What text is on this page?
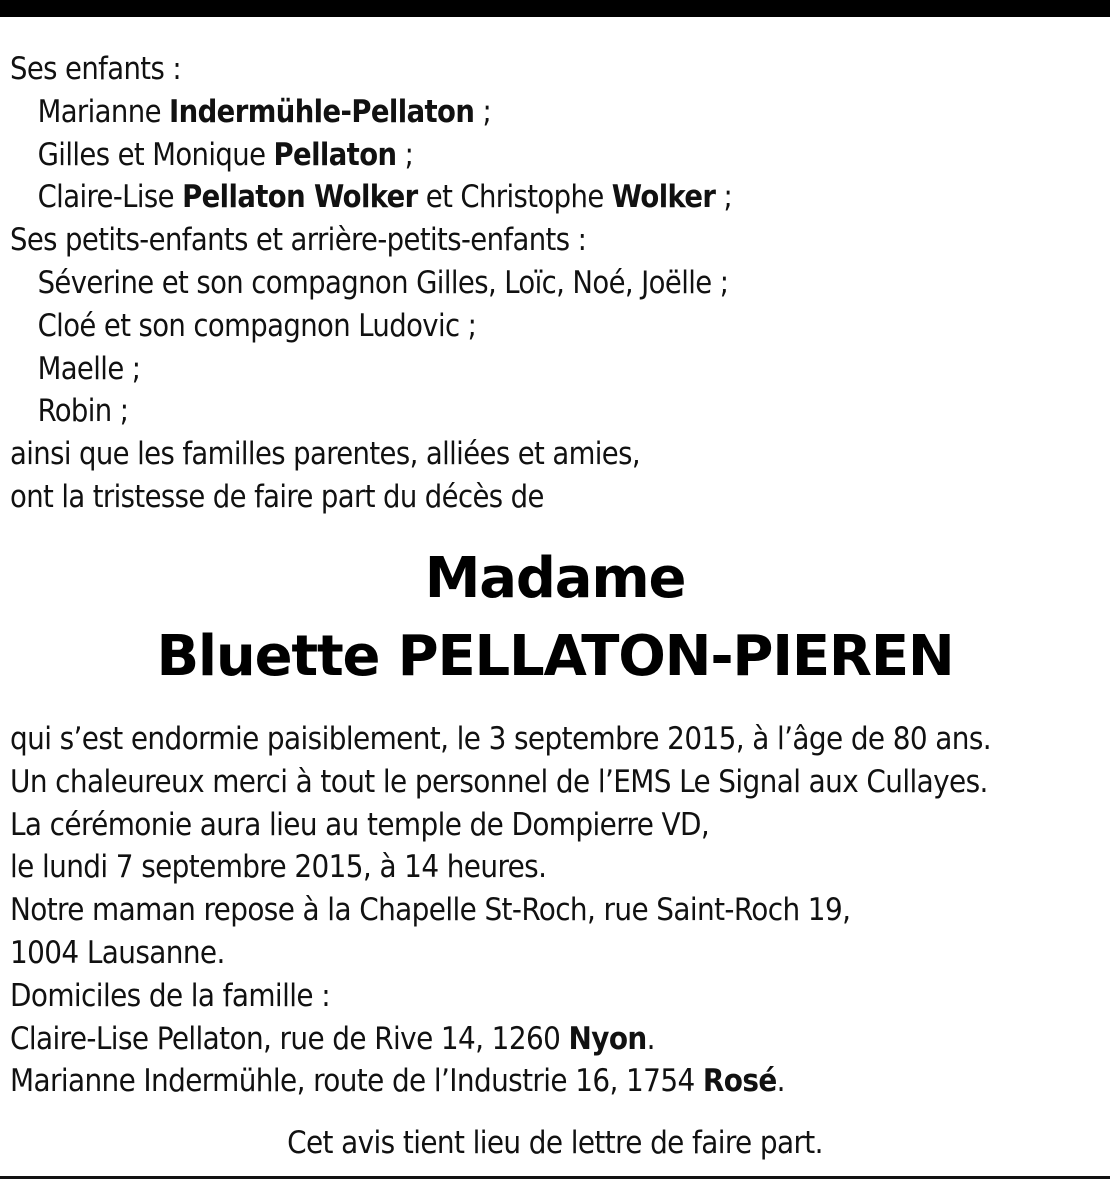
Ses enfants :
Marianne Indermühle-Pellaton ;
Gilles et Monique Pellaton ;
Claire-Lise Pellaton Wolker et Christophe Wolker ;
Ses petits-enfants et arrière-petits-enfants :
Séverine et son compagnon Gilles, Loïc, Noé, Joëlle ;
Cloé et son compagnon Ludovic ;
Maelle ;
Robin ;
ainsi que les familles parentes, alliées et amies,
ont la tristesse de faire part du décès de
Madame
Bluette PELLATON-PIEREN
qui s’est endormie paisiblement, le 3 septembre 2015, à l’âge de 80 ans.
Un chaleureux merci à tout le personnel de l’EMS Le Signal aux Cullayes.
La cérémonie aura lieu au temple de Dompierre VD,
le lundi 7 septembre 2015, à 14 heures.
Notre maman repose à la Chapelle St-Roch, rue Saint-Roch 19,
1004 Lausanne.
Domiciles de la famille :
Claire-Lise Pellaton, rue de Rive 14, 1260 Nyon.
Marianne Indermühle, route de l’Industrie 16, 1754 Rosé.
Cet avis tient lieu de lettre de faire part.
